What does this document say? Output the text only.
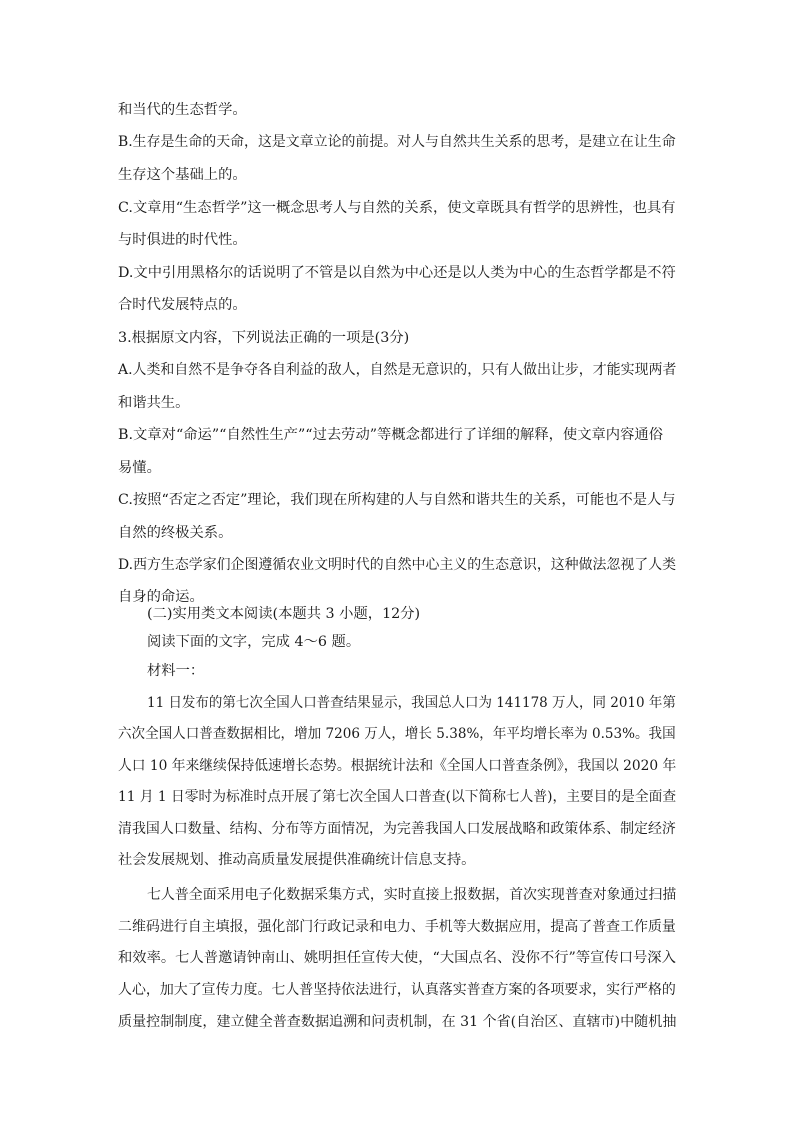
和当代的生态哲学。
B.生存是生命的天命，这是文章立论的前提。对人与自然共生关系的思考，是建立在让生命
生存这个基础上的。
C.文章用“生态哲学”这一概念思考人与自然的关系，使文章既具有哲学的思辨性，也具有
与时俱进的时代性。
D.文中引用黑格尔的话说明了不管是以自然为中心还是以人类为中心的生态哲学都是不符
合时代发展特点的。
3.根据原文内容，下列说法正确的一项是(3分)
A.人类和自然不是争夺各自利益的敌人，自然是无意识的，只有人做出让步，才能实现两者
和谐共生。
B.文章对“命运”“自然性生产”“过去劳动”等概念都进行了详细的解释，使文章内容通俗
易懂。
C.按照“否定之否定”理论，我们现在所构建的人与自然和谐共生的关系，可能也不是人与
自然的终极关系。
D.西方生态学家们企图遵循农业文明时代的自然中心主义的生态意识，这种做法忽视了人类
自身的命运。
(二)实用类文本阅读(本题共 3 小题，12分)
阅读下面的文字，完成 4～6 题。
材料一：
11 日发布的第七次全国人口普查结果显示，我国总人口为 141178 万人，同 2010 年第
六次全国人口普查数据相比，增加 7206 万人，增长 5.38%，年平均增长率为 0.53%。我国
人口 10 年来继续保持低速增长态势。根据统计法和《全国人口普查条例》，我国以 2020 年
11 月 1 日零时为标准时点开展了第七次全国人口普查(以下简称七人普)，主要目的是全面查
清我国人口数量、结构、分布等方面情况，为完善我国人口发展战略和政策体系、制定经济
社会发展规划、推动高质量发展提供准确统计信息支持。
七人普全面采用电子化数据采集方式，实时直接上报数据，首次实现普查对象通过扫描
二维码进行自主填报，强化部门行政记录和电力、手机等大数据应用，提高了普查工作质量
和效率。七人普邀请钟南山、姚明担任宣传大使，“大国点名、没你不行”等宣传口号深入
人心，加大了宣传力度。七人普坚持依法进行，认真落实普查方案的各项要求，实行严格的
质量控制制度，建立健全普查数据追溯和问责机制，在 31 个省(自治区、直辖市)中随机抽
